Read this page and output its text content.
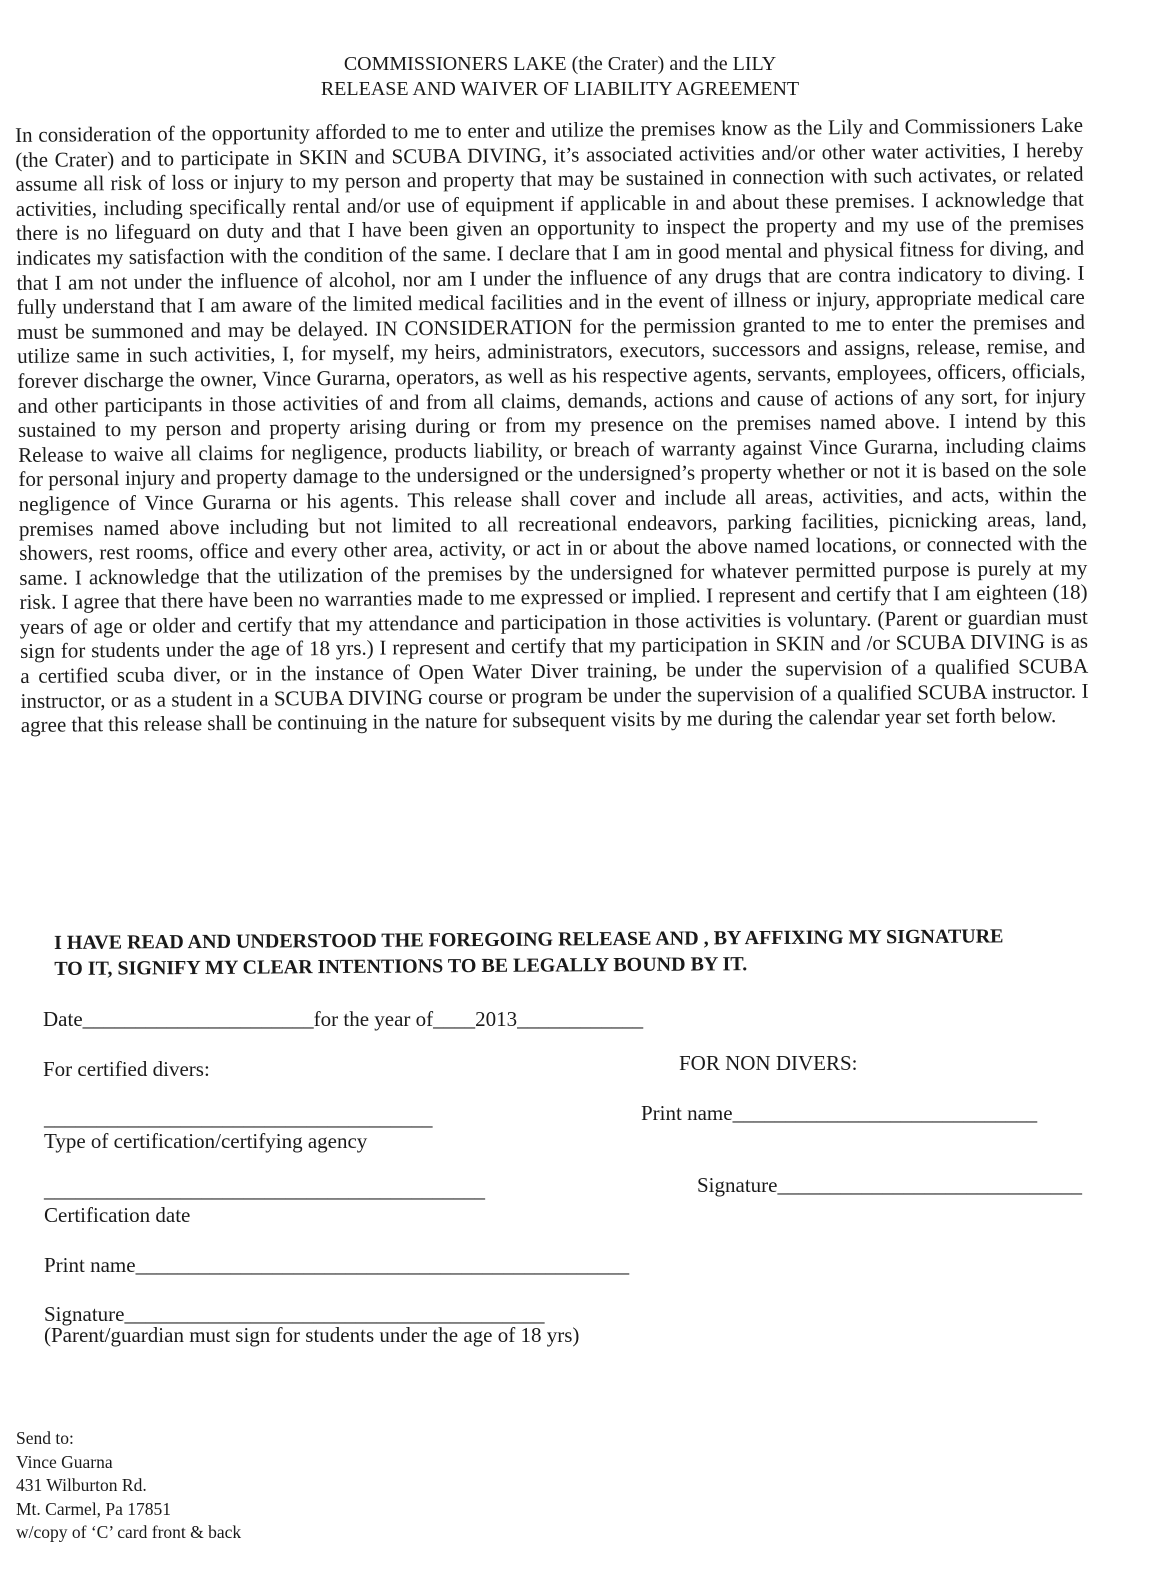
COMMISSIONERS LAKE (the Crater) and the LILY
RELEASE AND WAIVER OF LIABILITY AGREEMENT
In consideration of the opportunity afforded to me to enter and utilize the premises know as the Lily and Commissioners Lake (the Crater) and to participate in SKIN and SCUBA DIVING, it’s associated activities and/or other water activities, I hereby assume all risk of loss or injury to my person and property that may be sustained in connection with such activates, or related activities, including specifically rental and/or use of equipment if applicable in and about these premises. I acknowledge that there is no lifeguard on duty and that I have been given an opportunity to inspect the property and my use of the premises indicates my satisfaction with the condition of the same. I declare that I am in good mental and physical fitness for diving, and that I am not under the influence of alcohol, nor am I under the influence of any drugs that are contra indicatory to diving. I fully understand that I am aware of the limited medical facilities and in the event of illness or injury, appropriate medical care must be summoned and may be delayed. IN CONSIDERATION for the permission granted to me to enter the premises and utilize same in such activities, I, for myself, my heirs, administrators, executors, successors and assigns, release, remise, and forever discharge the owner, Vince Gurarna, operators, as well as his respective agents, servants, employees, officers, officials, and other participants in those activities of and from all claims, demands, actions and cause of actions of any sort, for injury sustained to my person and property arising during or from my presence on the premises named above. I intend by this Release to waive all claims for negligence, products liability, or breach of warranty against Vince Gurarna, including claims for personal injury and property damage to the undersigned or the undersigned’s property whether or not it is based on the sole negligence of Vince Gurarna or his agents. This release shall cover and include all areas, activities, and acts, within the premises named above including but not limited to all recreational endeavors, parking facilities, picnicking areas, land, showers, rest rooms, office and every other area, activity, or act in or about the above named locations, or connected with the same. I acknowledge that the utilization of the premises by the undersigned for whatever permitted purpose is purely at my risk. I agree that there have been no warranties made to me expressed or implied. I represent and certify that I am eighteen (18) years of age or older and certify that my attendance and participation in those activities is voluntary. (Parent or guardian must sign for students under the age of 18 yrs.) I represent and certify that my participation in SKIN and /or SCUBA DIVING is as a certified scuba diver, or in the instance of Open Water Diver training, be under the supervision of a qualified SCUBA instructor, or as a student in a SCUBA DIVING course or program be under the supervision of a qualified SCUBA instructor. I agree that this release shall be continuing in the nature for subsequent visits by me during the calendar year set forth below.
I HAVE READ AND UNDERSTOOD THE FOREGOING RELEASE AND , BY AFFIXING MY SIGNATURE
TO IT, SIGNIFY MY CLEAR INTENTIONS TO BE LEGALLY BOUND BY IT.
Date______________________for the year of____2013____________
For certified divers:	FOR NON DIVERS:
_____________________________________
Type of certification/certifying agency
Print name_____________________________
__________________________________________
Certification date
Signature_____________________________
Print name_______________________________________________
Signature________________________________________
(Parent/guardian must sign for students under the age of 18 yrs)
Send to:
Vince Guarna
431 Wilburton Rd.
Mt. Carmel, Pa 17851
w/copy of ‘C’ card front & back
